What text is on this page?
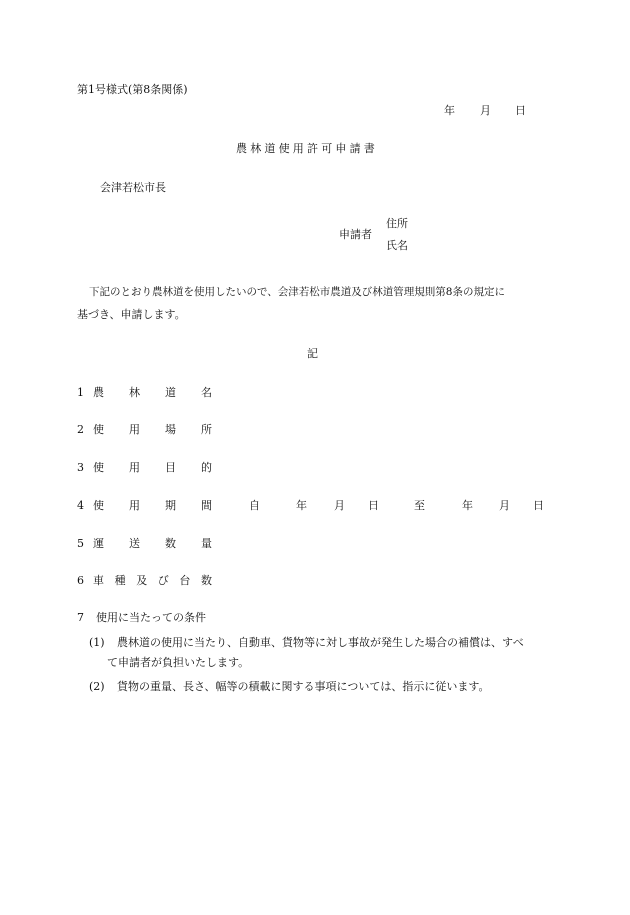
第1号様式(第8条関係)
年 月 日
農林道使用許可申請書
会津若松市長
申請者
住所
氏名
下記のとおり農林道を使用したいので、会津若松市農道及び林道管理規則第8条の規定に
基づき、申請します。
記
1 農 林 道 名
2 使 用 場 所
3 使 用 目 的
4 使 用 期 間	自	年 月 日	至	年 月 日
5 運 送 数 量
6 車 種 及 び 台 数
7 使用に当たっての条件
(1) 農林道の使用に当たり、自動車、貨物等に対し事故が発生した場合の補償は、すべ
て申請者が負担いたします。
(2) 貨物の重量、長さ、幅等の積載に関する事項については、指示に従います。
